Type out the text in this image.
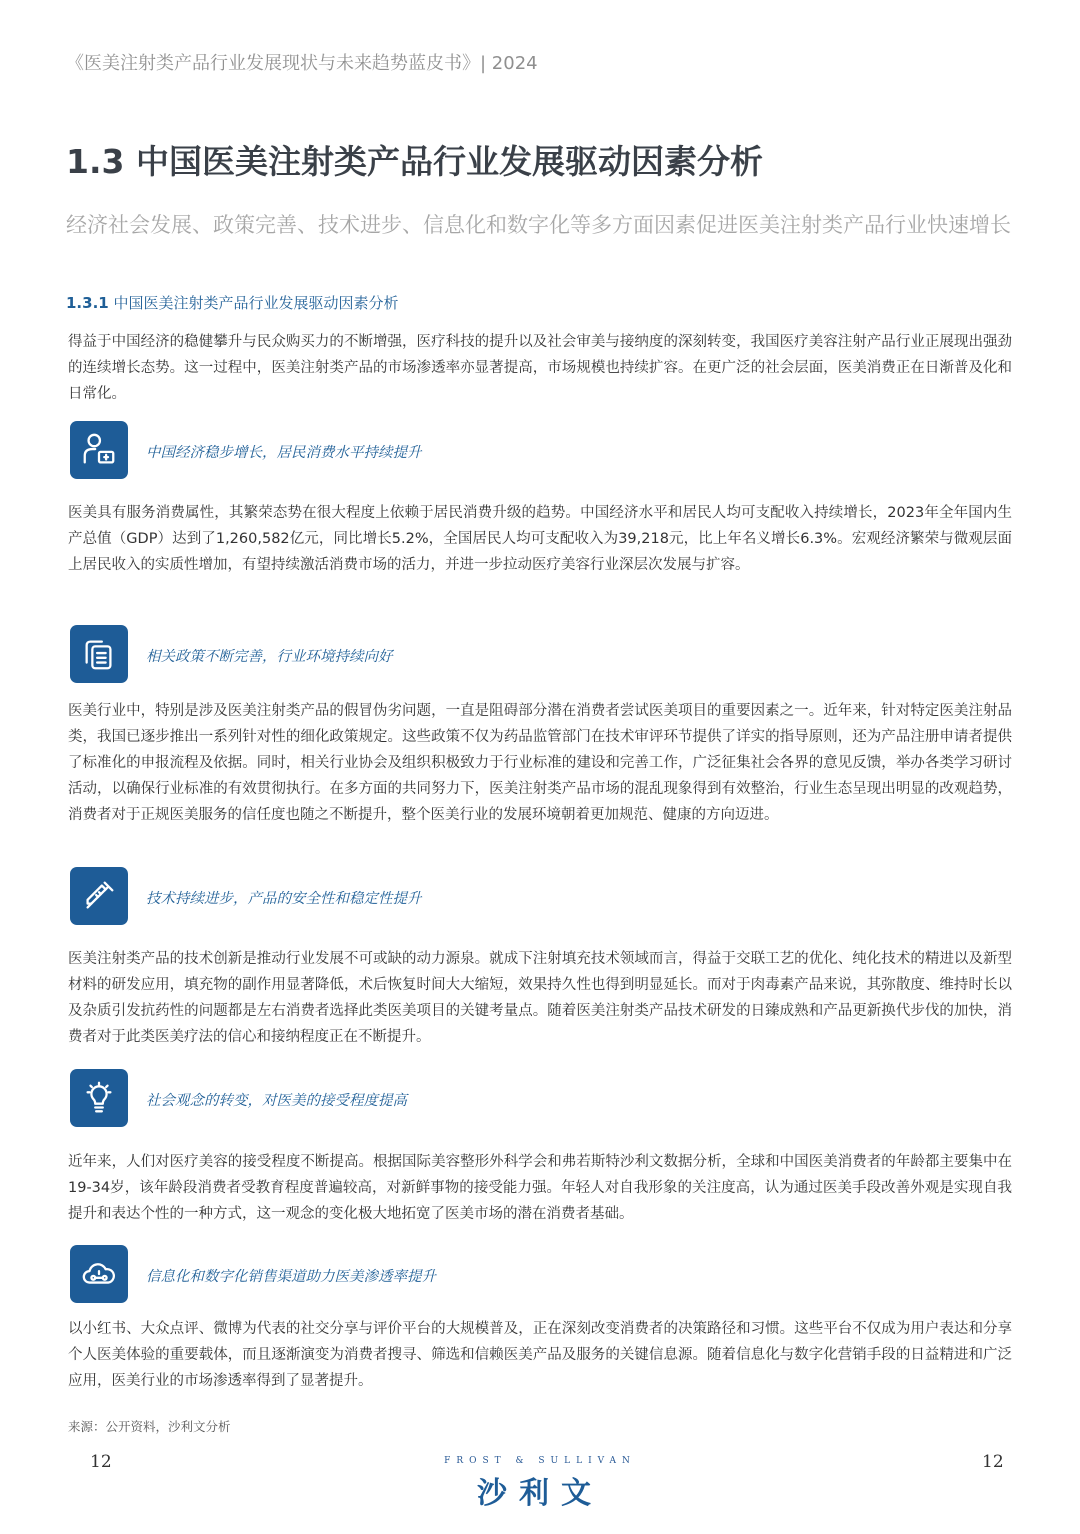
《医美注射类产品行业发展现状与未来趋势蓝皮书》| 2024
1.3 中国医美注射类产品行业发展驱动因素分析
经济社会发展、政策完善、技术进步、信息化和数字化等多方面因素促进医美注射类产品行业快速增长
1.3.1 中国医美注射类产品行业发展驱动因素分析

得益于中国经济的稳健攀升与民众购买力的不断增强，医疗科技的提升以及社会审美与接纳度的深刻转变，我国医疗美容注射产品行业正展现出强劲的连续增长态势。这一过程中，医美注射类产品的市场渗透率亦显著提高，市场规模也持续扩容。在更广泛的社会层面，医美消费正在日渐普及化和日常化。

中国经济稳步增长，居民消费水平持续提升

医美具有服务消费属性，其繁荣态势在很大程度上依赖于居民消费升级的趋势。中国经济水平和居民人均可支配收入持续增长，2023年全年国内生产总值（GDP）达到了1,260,582亿元，同比增长5.2%，全国居民人均可支配收入为39,218元，比上年名义增长6.3%。宏观经济繁荣与微观层面上居民收入的实质性增加，有望持续激活消费市场的活力，并进一步拉动医疗美容行业深层次发展与扩容。

相关政策不断完善，行业环境持续向好

医美行业中，特别是涉及医美注射类产品的假冒伪劣问题，一直是阻碍部分潜在消费者尝试医美项目的重要因素之一。近年来，针对特定医美注射品类，我国已逐步推出一系列针对性的细化政策规定。这些政策不仅为药品监管部门在技术审评环节提供了详实的指导原则，还为产品注册申请者提供了标准化的申报流程及依据。同时，相关行业协会及组织积极致力于行业标准的建设和完善工作，广泛征集社会各界的意见反馈，举办各类学习研讨活动，以确保行业标准的有效贯彻执行。在多方面的共同努力下，医美注射类产品市场的混乱现象得到有效整治，行业生态呈现出明显的改观趋势，消费者对于正规医美服务的信任度也随之不断提升，整个医美行业的发展环境朝着更加规范、健康的方向迈进。

技术持续进步，产品的安全性和稳定性提升

医美注射类产品的技术创新是推动行业发展不可或缺的动力源泉。就成下注射填充技术领域而言，得益于交联工艺的优化、纯化技术的精进以及新型材料的研发应用，填充物的副作用显著降低，术后恢复时间大大缩短，效果持久性也得到明显延长。而对于肉毒素产品来说，其弥散度、维持时长以及杂质引发抗药性的问题都是左右消费者选择此类医美项目的关键考量点。随着医美注射类产品技术研发的日臻成熟和产品更新换代步伐的加快，消费者对于此类医美疗法的信心和接纳程度正在不断提升。

社会观念的转变，对医美的接受程度提高

近年来，人们对医疗美容的接受程度不断提高。根据国际美容整形外科学会和弗若斯特沙利文数据分析，全球和中国医美消费者的年龄都主要集中在19-34岁，该年龄段消费者受教育程度普遍较高，对新鲜事物的接受能力强。年轻人对自我形象的关注度高，认为通过医美手段改善外观是实现自我提升和表达个性的一种方式，这一观念的变化极大地拓宽了医美市场的潜在消费者基础。

信息化和数字化销售渠道助力医美渗透率提升

以小红书、大众点评、微博为代表的社交分享与评价平台的大规模普及，正在深刻改变消费者的决策路径和习惯。这些平台不仅成为用户表达和分享个人医美体验的重要载体，而且逐渐演变为消费者搜寻、筛选和信赖医美产品及服务的关键信息源。随着信息化与数字化营销手段的日益精进和广泛应用，医美行业的市场渗透率得到了显著提升。

来源：公开资料，沙利文分析
12	FROST & SULLIVAN
沙利文
12
